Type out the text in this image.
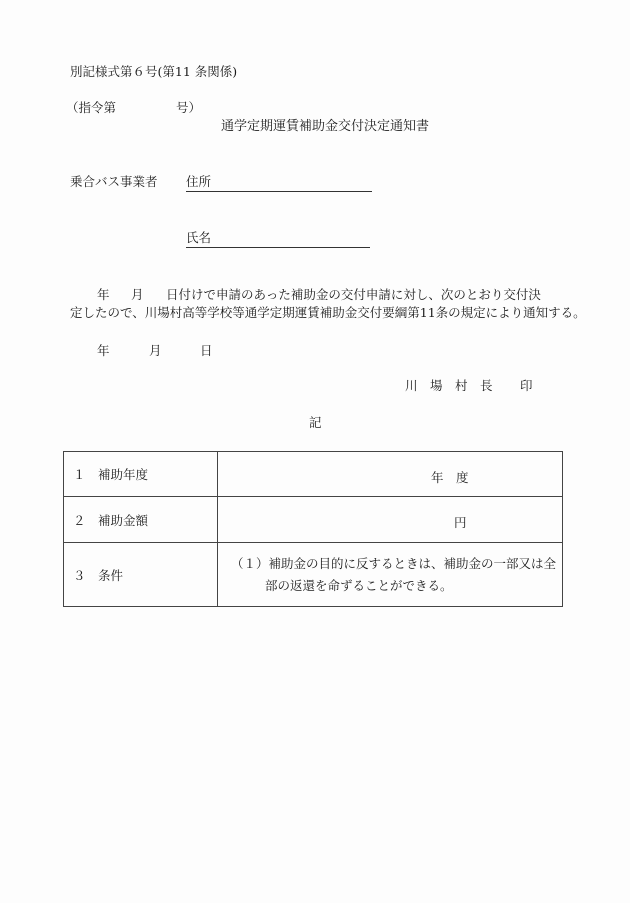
別記様式第６号(第11 条関係)
（指令第	号）
通学定期運賃補助金交付決定通知書
乗合バス事業者 住所
氏名
年 月 日付けで申請のあった補助金の交付申請に対し、次のとおり交付決
定したので、川場村高等学校等通学定期運賃補助金交付要綱第11条の規定により通知する。
年	月	日
川　場　村　長 印
記
１　補助年度	年　度

２　補助金額	円

３　条件	（１）補助金の目的に反するときは、補助金の一部又は全
部の返還を命ずることができる。
